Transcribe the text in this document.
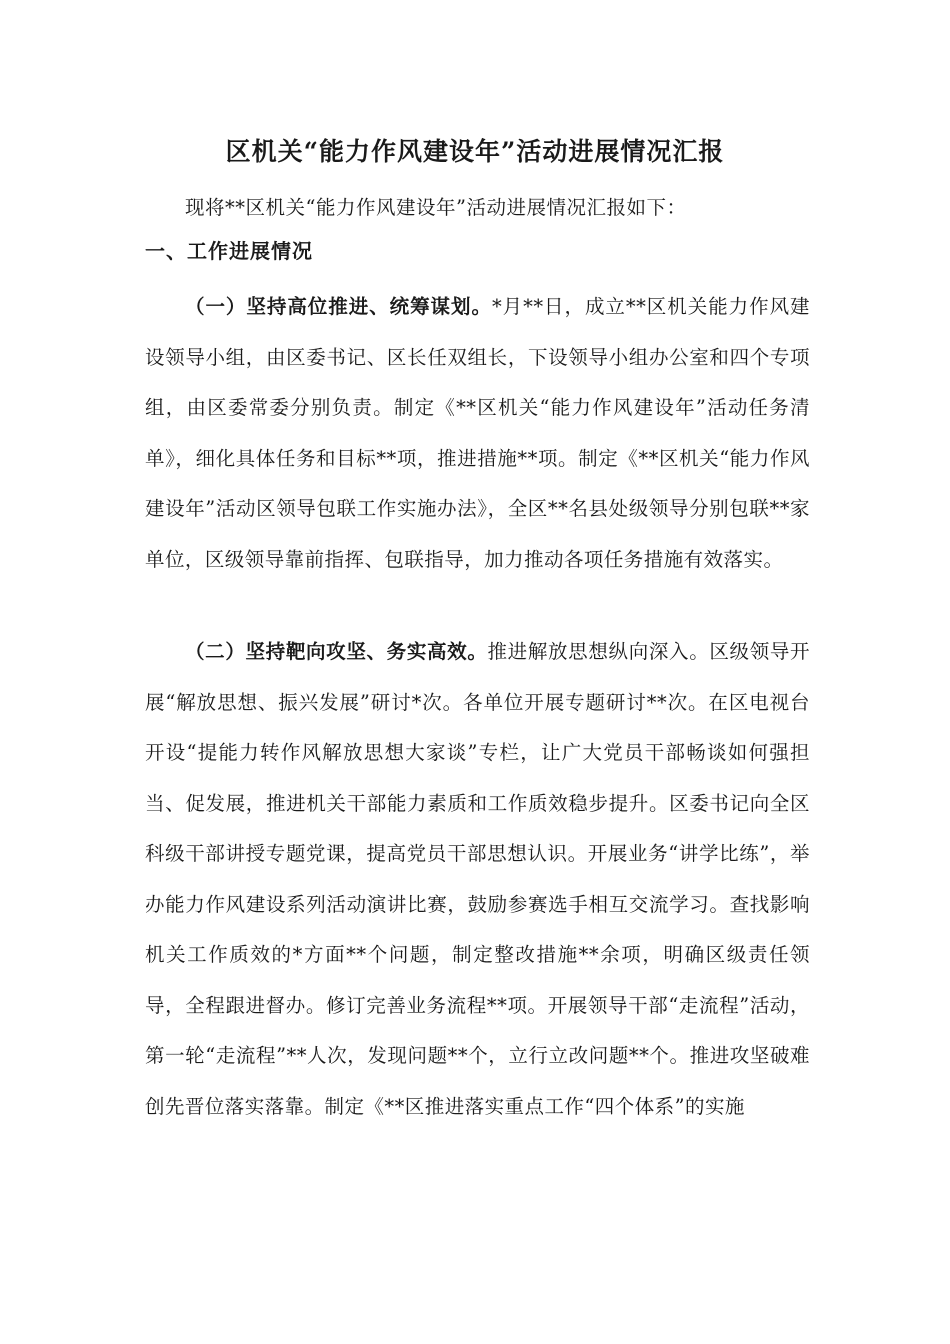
区机关“能力作风建设年”活动进展情况汇报
现将**区机关“能力作风建设年”活动进展情况汇报如下：
一、工作进展情况

（一）坚持高位推进、统筹谋划。*月**日，成立**区机关能力作风建设领导小组，由区委书记、区长任双组长，下设领导小组办公室和四个专项组，由区委常委分别负责。制定《**区机关“能力作风建设年”活动任务清单》，细化具体任务和目标**项，推进措施**项。制定《**区机关“能力作风建设年”活动区领导包联工作实施办法》，全区**名县处级领导分别包联**家单位，区级领导靠前指挥、包联指导，加力推动各项任务措施有效落实。

（二）坚持靶向攻坚、务实高效。推进解放思想纵向深入。区级领导开展“解放思想、振兴发展”研讨*次。各单位开展专题研讨**次。在区电视台开设“提能力转作风解放思想大家谈”专栏，让广大党员干部畅谈如何强担当、促发展，推进机关干部能力素质和工作质效稳步提升。区委书记向全区科级干部讲授专题党课，提高党员干部思想认识。开展业务“讲学比练”，举办能力作风建设系列活动演讲比赛，鼓励参赛选手相互交流学习。查找影响机关工作质效的*方面**个问题，制定整改措施**余项，明确区级责任领导，全程跟进督办。修订完善业务流程**项。开展领导干部“走流程”活动，第一轮“走流程”**人次，发现问题**个，立行立改问题**个。推进攻坚破难创先晋位落实落靠。制定《**区推进落实重点工作“四个体系”的实施
